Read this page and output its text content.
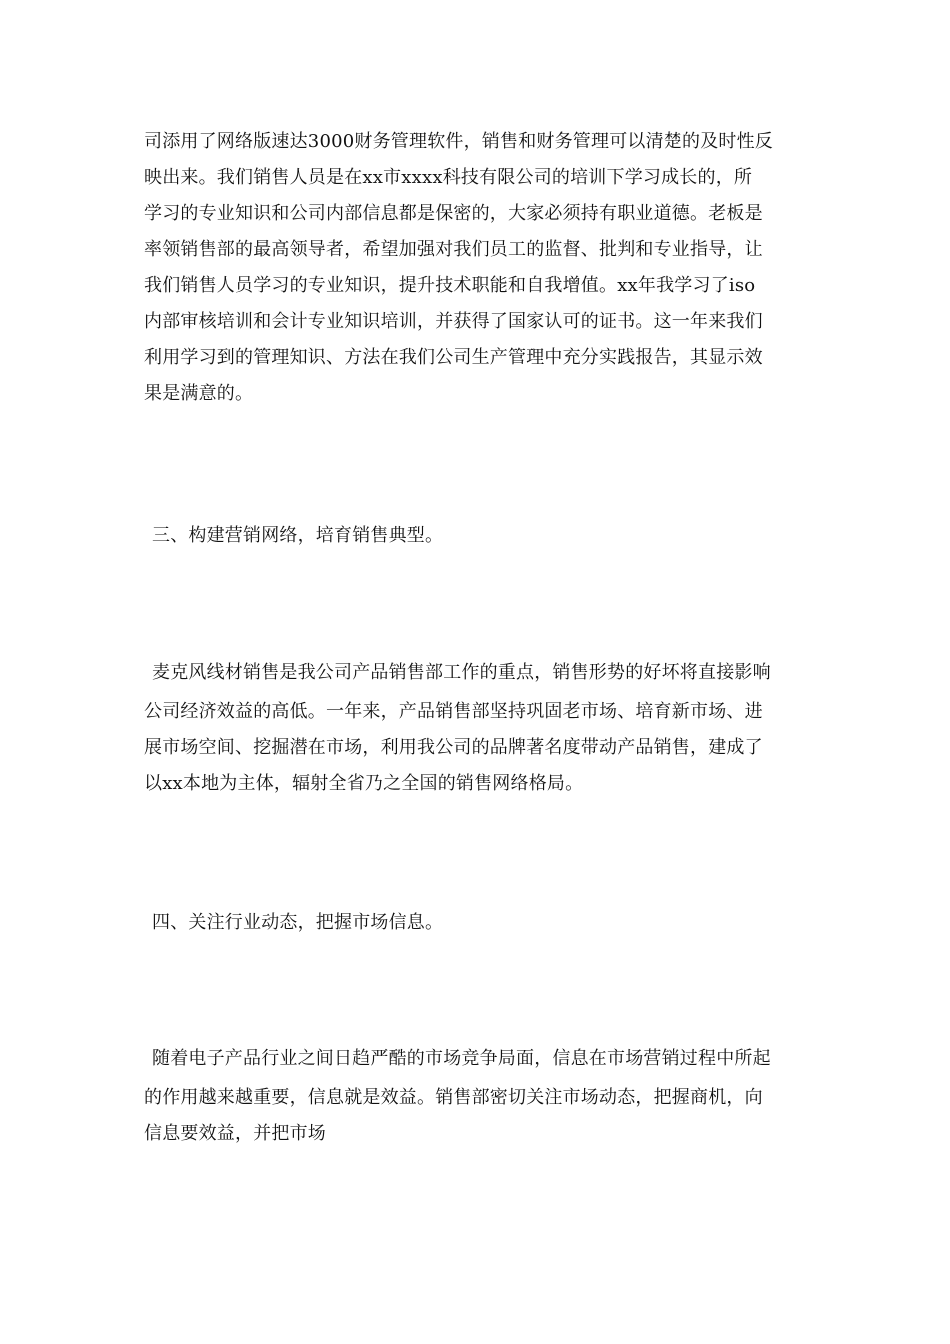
司添用了网络版速达3000财务管理软件，销售和财务管理可以清楚的及时性反
映出来。我们销售人员是在xx市xxxx科技有限公司的培训下学习成长的，所
学习的专业知识和公司内部信息都是保密的，大家必须持有职业道德。老板是
率领销售部的最高领导者，希望加强对我们员工的监督、批判和专业指导，让
我们销售人员学习的专业知识，提升技术职能和自我增值。xx年我学习了iso
内部审核培训和会计专业知识培训，并获得了国家认可的证书。这一年来我们
利用学习到的管理知识、方法在我们公司生产管理中充分实践报告，其显示效
果是满意的。
三、构建营销网络，培育销售典型。
麦克风线材销售是我公司产品销售部工作的重点，销售形势的好坏将直接影响
公司经济效益的高低。一年来，产品销售部坚持巩固老市场、培育新市场、进
展市场空间、挖掘潜在市场，利用我公司的品牌著名度带动产品销售，建成了
以xx本地为主体，辐射全省乃之全国的销售网络格局。
四、关注行业动态，把握市场信息。
随着电子产品行业之间日趋严酷的市场竞争局面，信息在市场营销过程中所起
的作用越来越重要，信息就是效益。销售部密切关注市场动态，把握商机，向
信息要效益，并把市场
